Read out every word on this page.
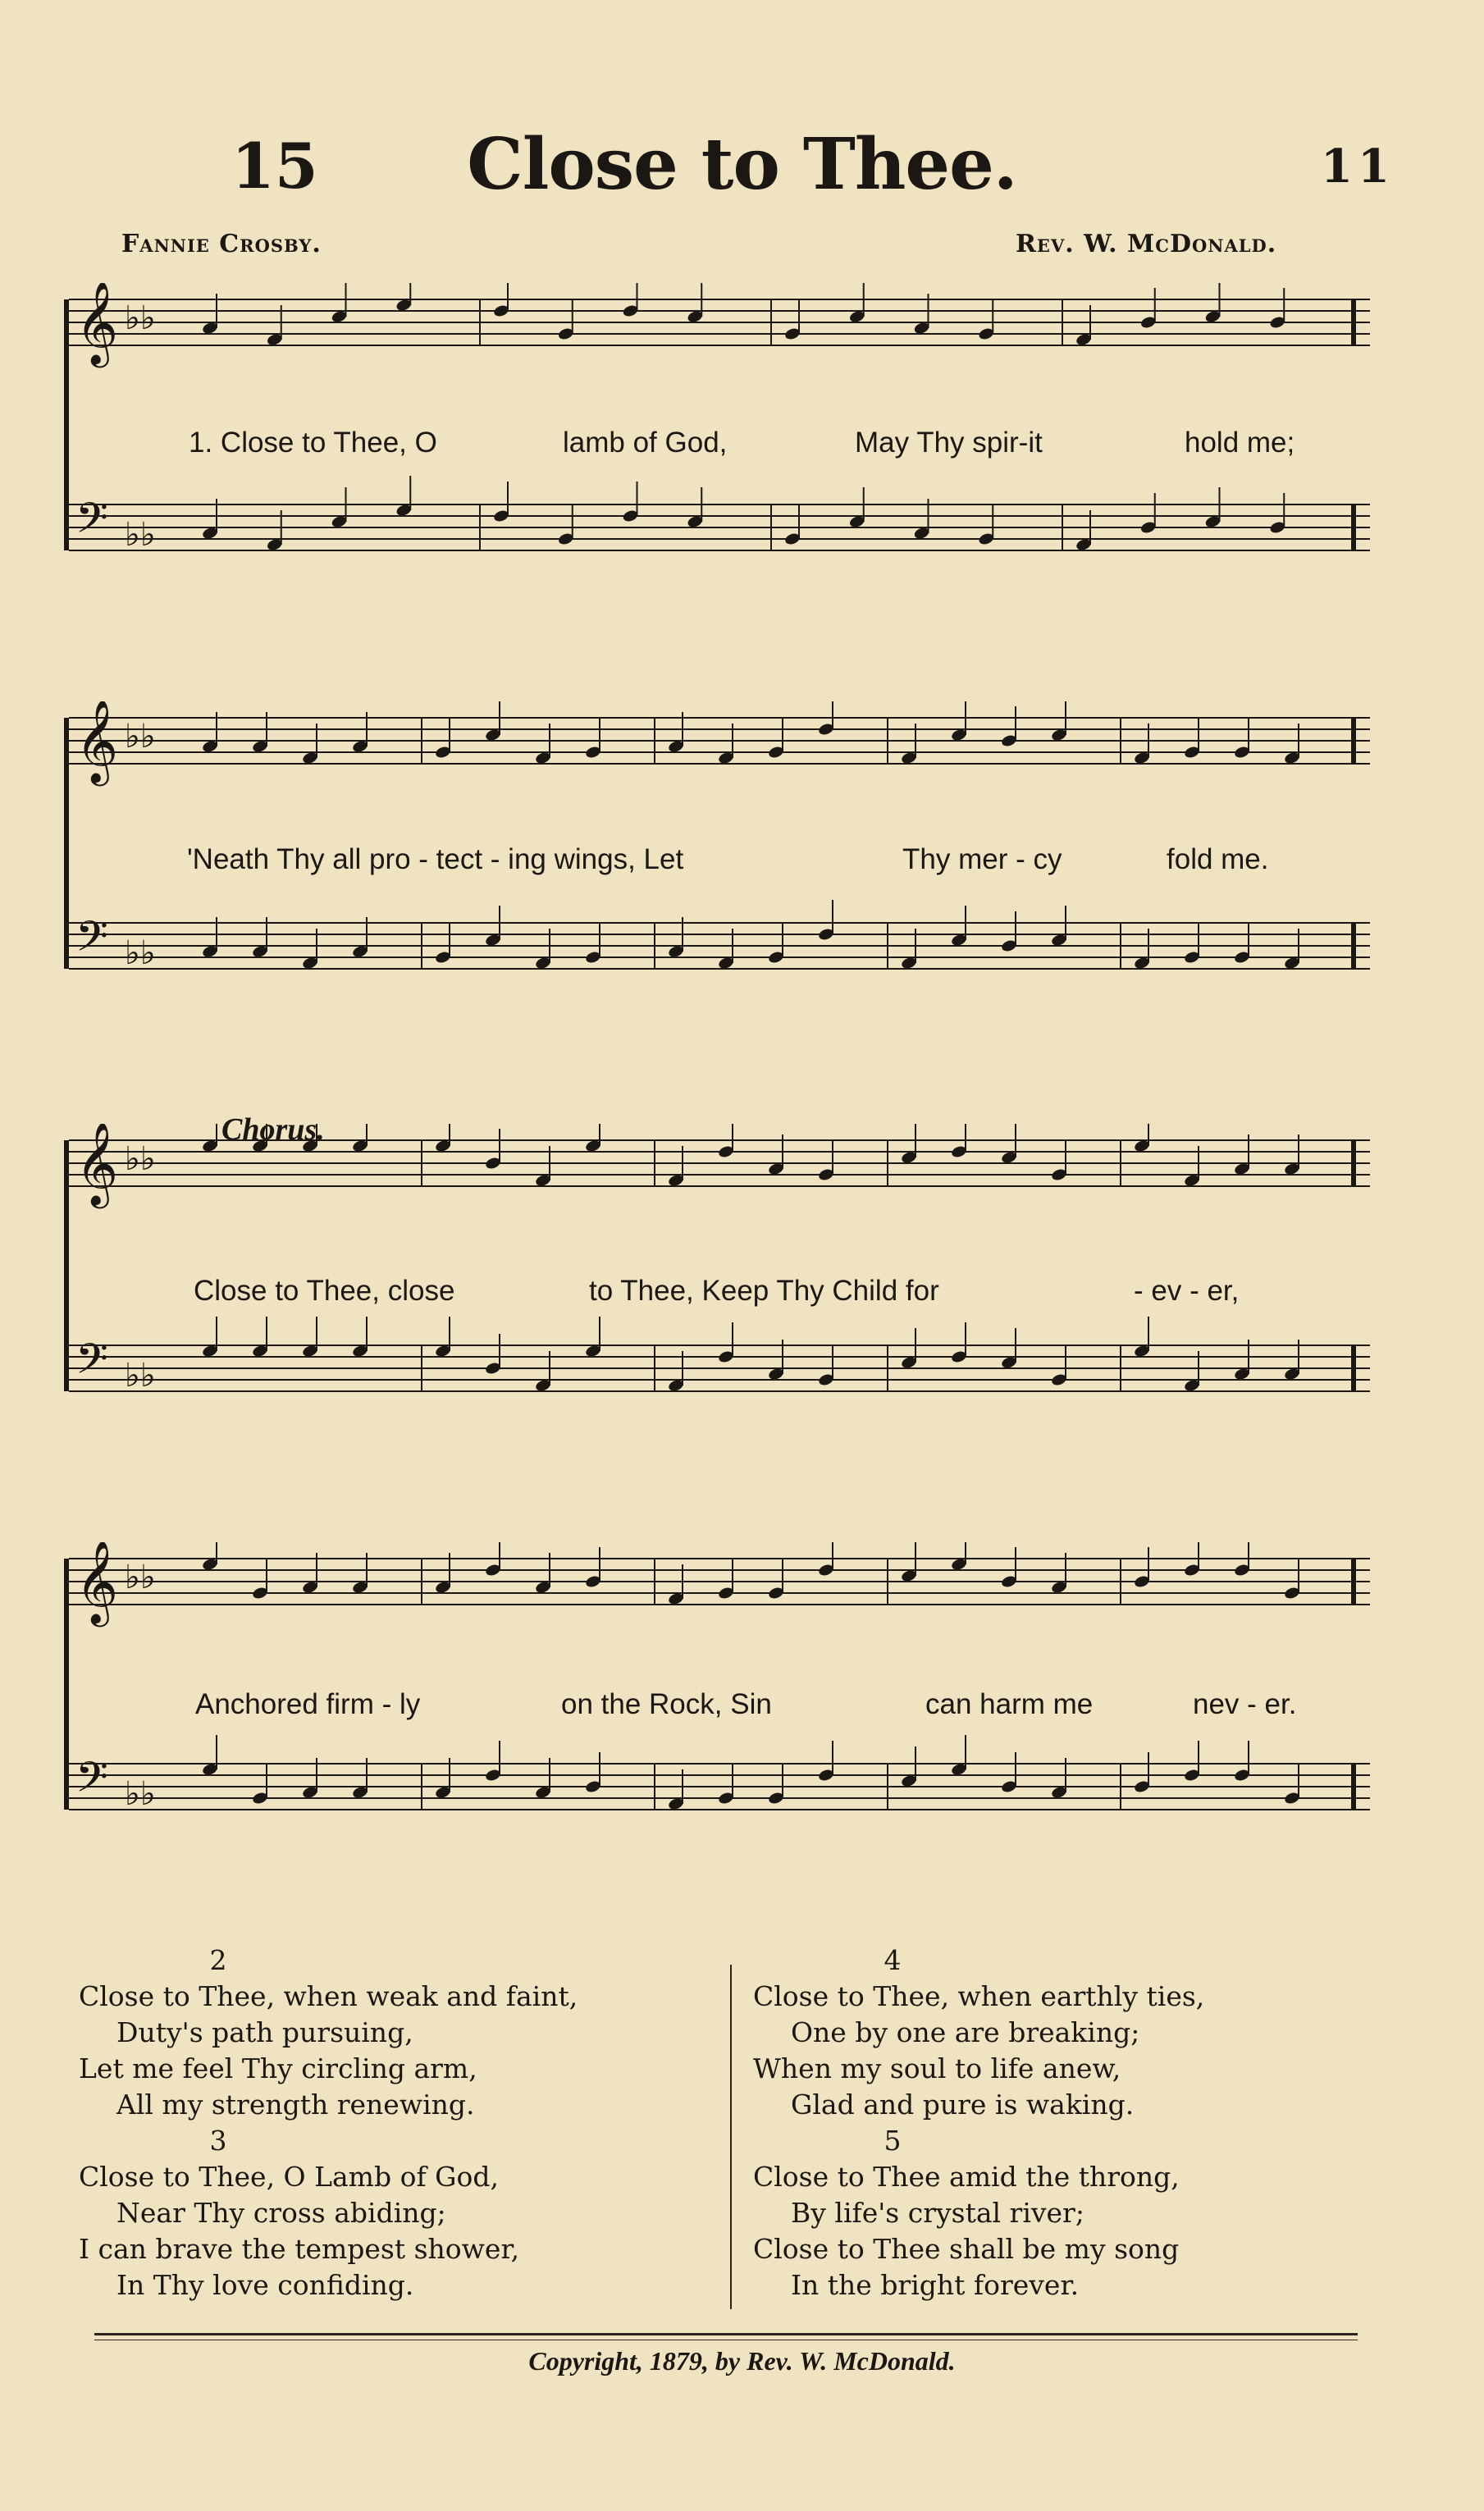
15	Close to Thee.	11
Fannie Crosby.	Rev. W. McDonald.
𝄞 ♭♭
𝄢 ♭♭
𝄞 ♭♭
𝄢 ♭♭
𝄞 ♭♭
𝄢 ♭♭
𝄞 ♭♭
𝄢 ♭♭
Chorus.
1. Close to Thee, O	lamb of God,	May Thy spir-it	hold me;
'Neath Thy all pro - tect - ing wings, Let	Thy mer - cy	fold me.
Close to Thee, close	to Thee, Keep Thy Child for	- ev - er,
Anchored firm - ly	on the Rock, Sin	can harm me	nev - er.
2
Close to Thee, when weak and faint,
Duty's path pursuing,
Let me feel Thy circling arm,
All my strength renewing.
3
Close to Thee, O Lamb of God,
Near Thy cross abiding;
I can brave the tempest shower,
In Thy love confiding.
4
Close to Thee, when earthly ties,
One by one are breaking;
When my soul to life anew,
Glad and pure is waking.
5
Close to Thee amid the throng,
By life's crystal river;
Close to Thee shall be my song
In the bright forever.
Copyright, 1879, by Rev. W. McDonald.
